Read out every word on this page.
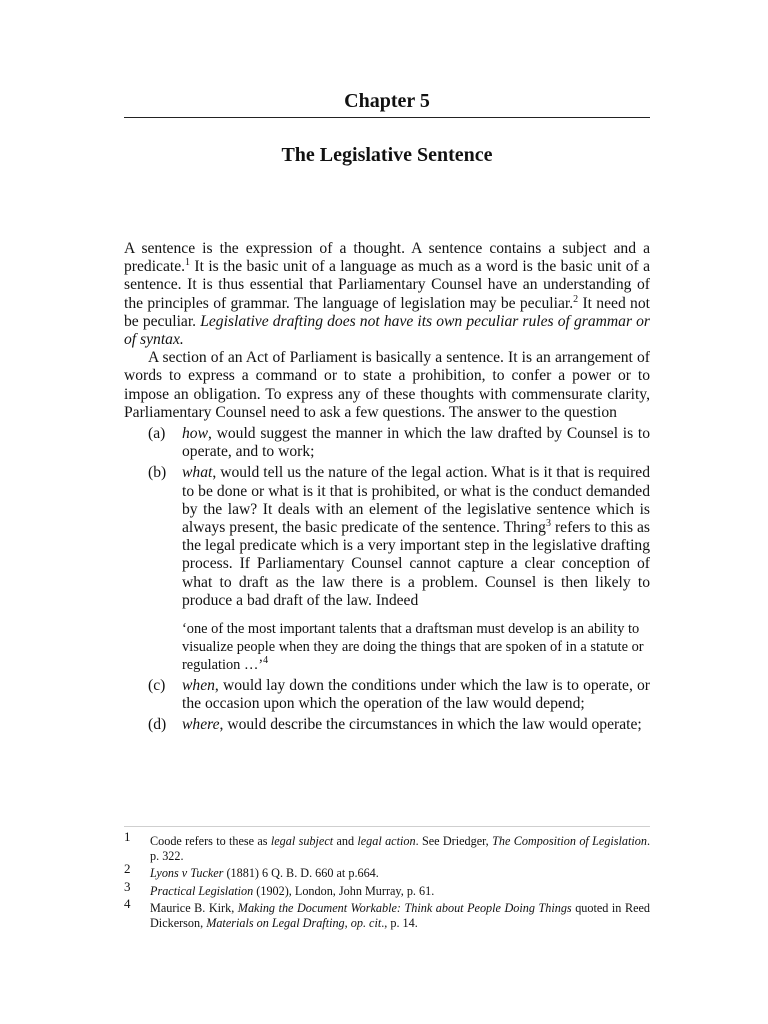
Chapter 5
The Legislative Sentence

A sentence is the expression of a thought. A sentence contains a subject and a predicate.$^1$ It is the basic unit of a language as much as a word is the basic unit of a sentence. It is thus essential that Parliamentary Counsel have an understanding of the principles of grammar. The language of legislation may be peculiar.$^2$ It need not be peculiar. Legislative drafting does not have its own peculiar rules of grammar or of syntax.

A section of an Act of Parliament is basically a sentence. It is an arrangement of words to express a command or to state a prohibition, to confer a power or to impose an obligation. To express any of these thoughts with commensurate clarity, Parliamentary Counsel need to ask a few questions. The answer to the question

(a)	how, would suggest the manner in which the law drafted by Counsel is to operate, and to work;
(b)	what, would tell us the nature of the legal action. What is it that is required to be done or what is it that is prohibited, or what is the conduct demanded by the law? It deals with an element of the legislative sentence which is always present, the basic predicate of the sentence. Thring$^3$ refers to this as the legal predicate which is a very important step in the legislative drafting process. If Parliamentary Counsel cannot capture a clear conception of what to draft as the law there is a problem. Counsel is then likely to produce a bad draft of the law. Indeed
‘one of the most important talents that a draftsman must develop is an ability to visualize people when they are doing the things that are spoken of in a statute or regulation …’$^4$
(c)	when, would lay down the conditions under which the law is to operate, or the occasion upon which the operation of the law would depend;
(d)	where, would describe the circumstances in which the law would operate;
1	Coode refers to these as legal subject and legal action. See Driedger, The Composition of Legislation. p. 322.
2	Lyons v Tucker (1881) 6 Q. B. D. 660 at p.664.
3	Practical Legislation (1902), London, John Murray, p. 61.
4	Maurice B. Kirk, Making the Document Workable: Think about People Doing Things quoted in Reed Dickerson, Materials on Legal Drafting, op. cit., p. 14.
